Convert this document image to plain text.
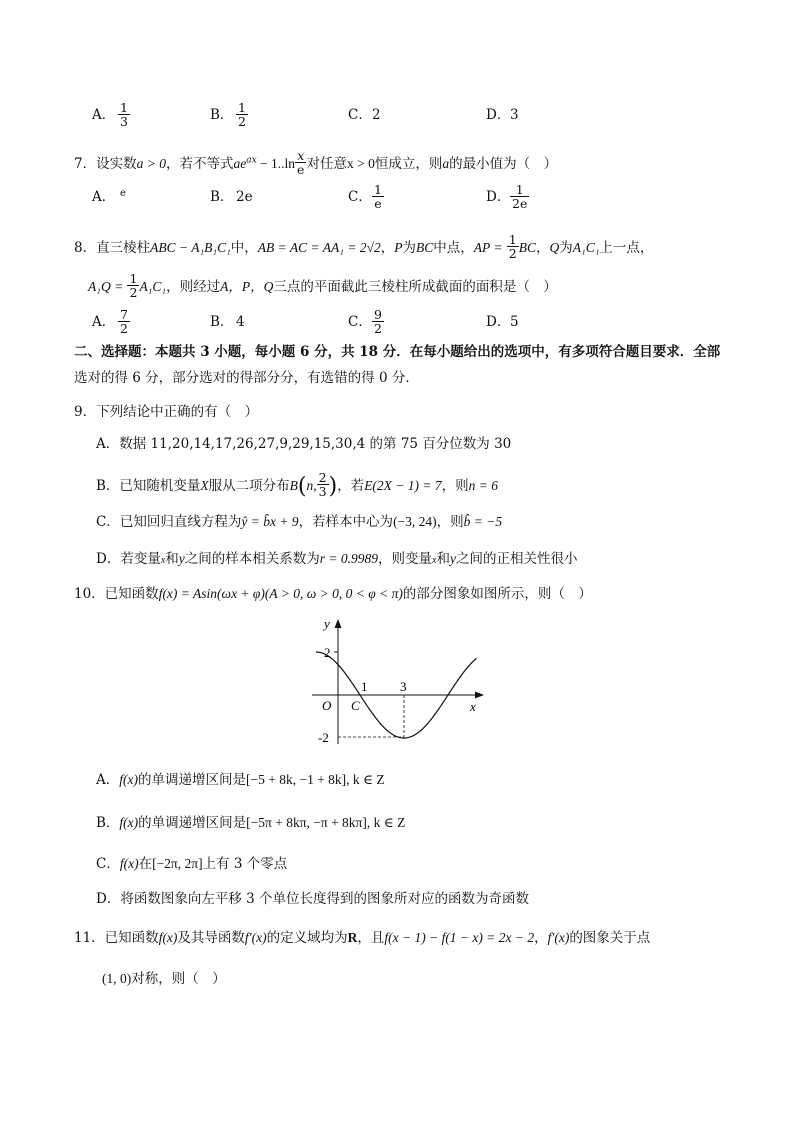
A． $\frac{1}{3}$	B． $\frac{1}{2}$	C． 2	D． 3
7．设实数a > 0，若不等式$ae^{ax} - 1..\ln \frac{x}{e}$ 对任意x > 0恒成立，则a的最小值为（　）
A． e	B． 2e	C． $\frac{1}{e}$	D． $\frac{1}{2e}$
8．直三棱柱ABC − A₁B₁C₁中，AB = AC = AA₁ = 2√2，P为BC中点，AP = $\frac{1}{2}$ BC，Q为A₁C₁上一点，
$A_1Q = \frac{1}{2} A_1C_1$，则经过A，P，Q三点的平面截此三棱柱所成截面的面积是（　）
A． $\frac{7}{2}$	B． 4	C． $\frac{9}{2}$	D． 5
二、选择题：本题共 3 小题，每小题 6 分，共 18 分．在每小题给出的选项中，有多项符合题目要求．全部
选对的得 6 分，部分选对的得部分分，有选错的得 0 分．
9．下列结论中正确的有（　）
A．数据 11,20,14,17,26,27,9,29,15,30,4 的第 75 百分位数为 30
B．已知随机变量X服从二项分布B(n, $\frac{2}{3}$ )，若E(2X − 1) = 7，则n = 6
C．已知回归直线方程为ŷ = b̂x + 9，若样本中心为(−3, 24)，则b̂ = −5
D．若变量x和y之间的样本相关系数为r = 0.9989，则变量x和y之间的正相关性很小
10．已知函数f(x) = Asin(ωx + φ)(A > 0, ω > 0, 0 < φ < π)的部分图象如图所示，则（　）
y
x
O C
2
-2
1	3
A．f(x)的单调递增区间是[−5 + 8k, −1 + 8k], k ∈ Z
B．f(x)的单调递增区间是[−5π + 8kπ, −π + 8kπ], k ∈ Z
C．f(x)在[−2π, 2π]上有 3 个零点
D．将函数图象向左平移 3 个单位长度得到的图象所对应的函数为奇函数
11．已知函数f(x)及其导函数f′(x)的定义域均为R，且f(x − 1) − f(1 − x) = 2x − 2，f′(x)的图象关于点
(1, 0)对称，则（　）
